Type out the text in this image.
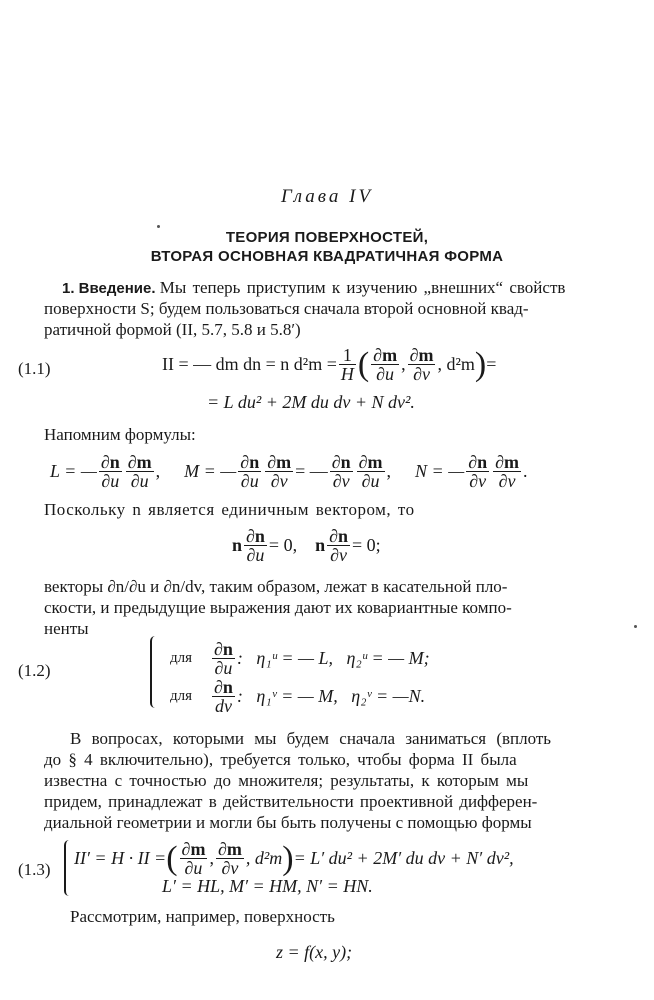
Глава IV
ТЕОРИЯ ПОВЕРХНОСТЕЙ,
ВТОРАЯ ОСНОВНАЯ КВАДРАТИЧНАЯ ФОРМА
1. Введение. Мы теперь приступим к изучению „внешних“ свойств
поверхности S; будем пользоваться сначала второй основной квад-
ратичной формой (II, 5.7, 5.8 и 5.8′)
(1.1)	II = — dm dn = n $d^2m = \frac{1}{H}$ ( $\frac{\partial m}{\partial u}$ , $\frac{\partial m}{\partial v}$ , d²m ) =
= L du² + 2M du dv + N dv².
Напомним формулы:
L = — $\frac{\partial n}{\partial u} \frac{\partial m}{\partial u}$ , M = — $\frac{\partial n}{\partial u} \frac{\partial m}{\partial v}$ = — $\frac{\partial n}{\partial v} \frac{\partial m}{\partial u}$ , N = — $\frac{\partial n}{\partial v} \frac{\partial m}{\partial v}$ .
Поскольку n является единичным вектором, то
n $\frac{\partial n}{\partial u} = 0$, n $\frac{\partial n}{\partial v} = 0$;
векторы ∂n/∂u и ∂n/dv, таким образом, лежат в касательной пло-
скости, и предыдущие выражения дают их ковариантные компо-
ненты
(1.2)
для $\frac{\partial n}{\partial u}$ :   η₁ᵘ = — L,   η₂ᵘ = — M;
для $\frac{\partial n}{dv}$ :   η₁ᵛ = — M,   η₂ᵛ = —N.
В вопросах, которыми мы будем сначала заниматься (вплоть
до § 4 включительно), требуется только, чтобы форма II была
известна с точностью до множителя; результаты, к которым мы
придем, принадлежат в действительности проективной дифферен-
диальной геометрии и могли бы быть получены с помощью формы
(1.3)
II′ = H · II = ( $\frac{\partial m}{\partial u}$ , $\frac{\partial m}{\partial v}$ , d²m ) = L′ du² + 2M′ du dv + N′ dv²,
L′ = HL, M′ = HM, N′ = HN.
Рассмотрим, например, поверхность
z = f(x, y);
